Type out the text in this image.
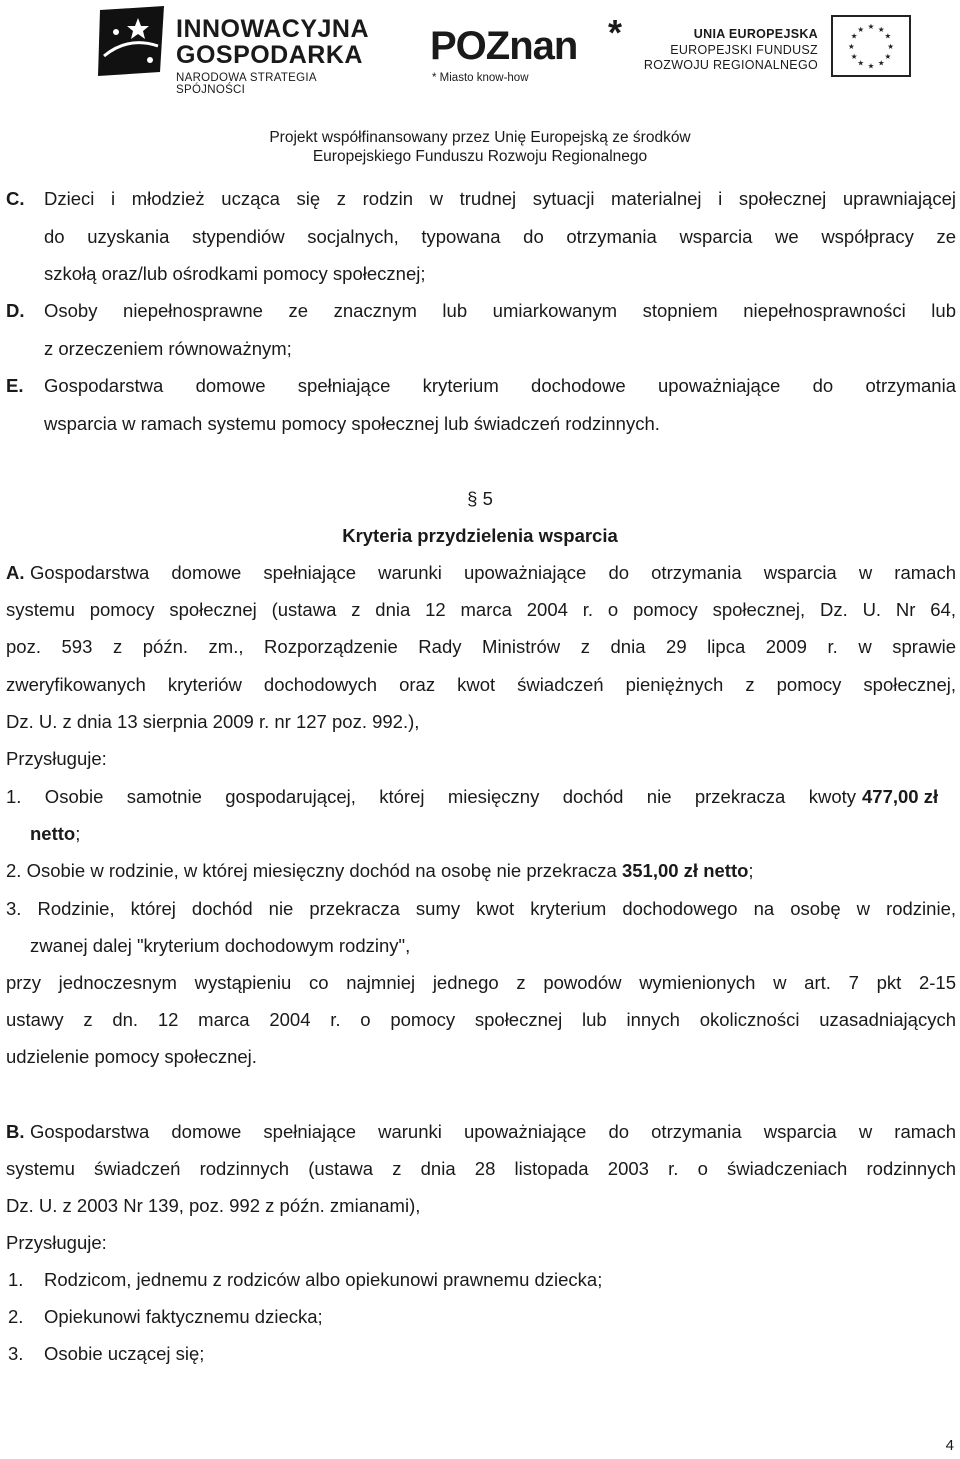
INNOWACYJNA
GOSPODARKA
NARODOWA STRATEGIA SPÓJNOŚCI
POZnan *
* Miasto know-how
UNIA EUROPEJSKA
EUROPEJSKI FUNDUSZ
ROZWOJU REGIONALNEGO
★ ★
★
★
★
★
★
★
★
★
★
★
Projekt współfinansowany przez Unię Europejską ze środków
Europejskiego Funduszu Rozwoju Regionalnego
C. Dzieci i młodzież ucząca się z rodzin w trudnej sytuacji materialnej i społecznej uprawniającej
do uzyskania stypendiów socjalnych, typowana do otrzymania wsparcia we współpracy ze
szkołą oraz/lub ośrodkami pomocy społecznej;
D. Osoby niepełnosprawne ze znacznym lub umiarkowanym stopniem niepełnosprawności lub
z orzeczeniem równoważnym;
E. Gospodarstwa domowe spełniające kryterium dochodowe upoważniające do otrzymania
wsparcia w ramach systemu pomocy społecznej lub świadczeń rodzinnych.
§ 5
Kryteria przydzielenia wsparcia
A. Gospodarstwa domowe spełniające warunki upoważniające do otrzymania wsparcia w ramach
systemu pomocy społecznej (ustawa z dnia 12 marca 2004 r. o pomocy społecznej, Dz. U. Nr 64,
poz. 593 z późn. zm., Rozporządzenie Rady Ministrów z dnia 29 lipca 2009 r. w sprawie
zweryfikowanych kryteriów dochodowych oraz kwot świadczeń pieniężnych z pomocy społecznej,
Dz. U. z dnia 13 sierpnia 2009 r. nr 127 poz. 992.),
Przysługuje:
1. Osobie samotnie gospodarującej, której miesięczny dochód nie przekracza kwoty 477,00 zł
netto;
2. Osobie w rodzinie, w której miesięczny dochód na osobę nie przekracza 351,00 zł netto;
3. Rodzinie, której dochód nie przekracza sumy kwot kryterium dochodowego na osobę w rodzinie,
zwanej dalej "kryterium dochodowym rodziny",
przy jednoczesnym wystąpieniu co najmniej jednego z powodów wymienionych w art. 7 pkt 2-15
ustawy z dn. 12 marca 2004 r. o pomocy społecznej lub innych okoliczności uzasadniających
udzielenie pomocy społecznej.
B. Gospodarstwa domowe spełniające warunki upoważniające do otrzymania wsparcia w ramach
systemu świadczeń rodzinnych (ustawa z dnia 28 listopada 2003 r. o świadczeniach rodzinnych
Dz. U. z 2003 Nr 139, poz. 992 z późn. zmianami),
Przysługuje:
1. Rodzicom, jednemu z rodziców albo opiekunowi prawnemu dziecka;
2. Opiekunowi faktycznemu dziecka;
3. Osobie uczącej się;
4
